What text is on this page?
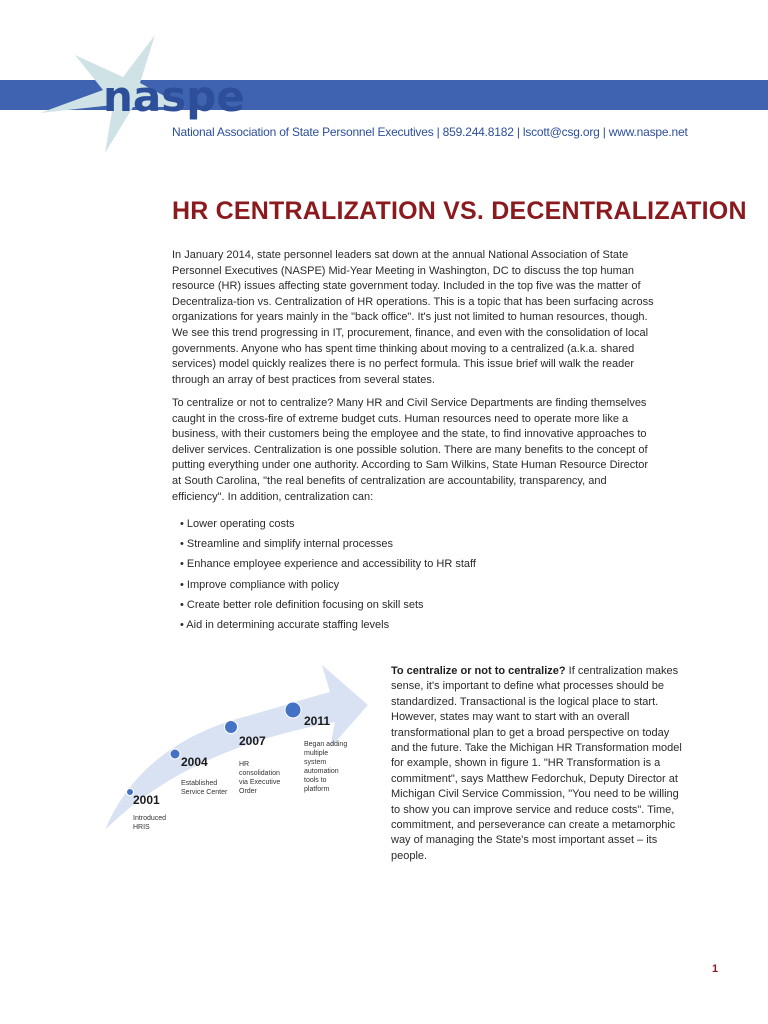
naspe
National Association of State Personnel Executives | 859.244.8182 | lscott@csg.org | www.naspe.net
HR CENTRALIZATION VS. DECENTRALIZATION
In January 2014, state personnel leaders sat down at the annual National Association of State Personnel Executives (NASPE) Mid-Year Meeting in Washington, DC to discuss the top human resource (HR) issues affecting state government today. Included in the top five was the matter of Decentraliza-tion vs. Centralization of HR operations. This is a topic that has been surfacing across organizations for years mainly in the "back office". It's just not limited to human resources, though. We see this trend progressing in IT, procurement, finance, and even with the consolidation of local governments. Anyone who has spent time thinking about moving to a centralized (a.k.a. shared services) model quickly realizes there is no perfect formula. This issue brief will walk the reader through an array of best practices from several states.
To centralize or not to centralize? Many HR and Civil Service Departments are finding themselves caught in the cross-fire of extreme budget cuts. Human resources need to operate more like a business, with their customers being the employee and the state, to find innovative approaches to deliver services. Centralization is one possible solution. There are many benefits to the concept of putting everything under one authority. According to Sam Wilkins, State Human Resource Director at South Carolina, "the real benefits of centralization are accountability, transparency, and efficiency". In addition, centralization can:
• Lower operating costs
• Streamline and simplify internal processes
• Enhance employee experience and accessibility to HR staff
• Improve compliance with policy
• Create better role definition focusing on skill sets
• Aid in determining accurate staffing levels
2001
Introduced HRIS
2004
Established Service Center
2007
HR consolidation via Executive Order
2011
Began adding multiple system automation tools to platform
To centralize or not to centralize? If centralization makes sense, it's important to define what processes should be standardized. Transactional is the logical place to start. However, states may want to start with an overall transformational plan to get a broad perspective on today and the future. Take the Michigan HR Transformation model for example, shown in figure 1. "HR Transformation is a commitment", says Matthew Fedorchuk, Deputy Director at Michigan Civil Service Commission, "You need to be willing to show you can improve service and reduce costs". Time, commitment, and perseverance can create a metamorphic way of managing the State's most important asset – its people.
1
